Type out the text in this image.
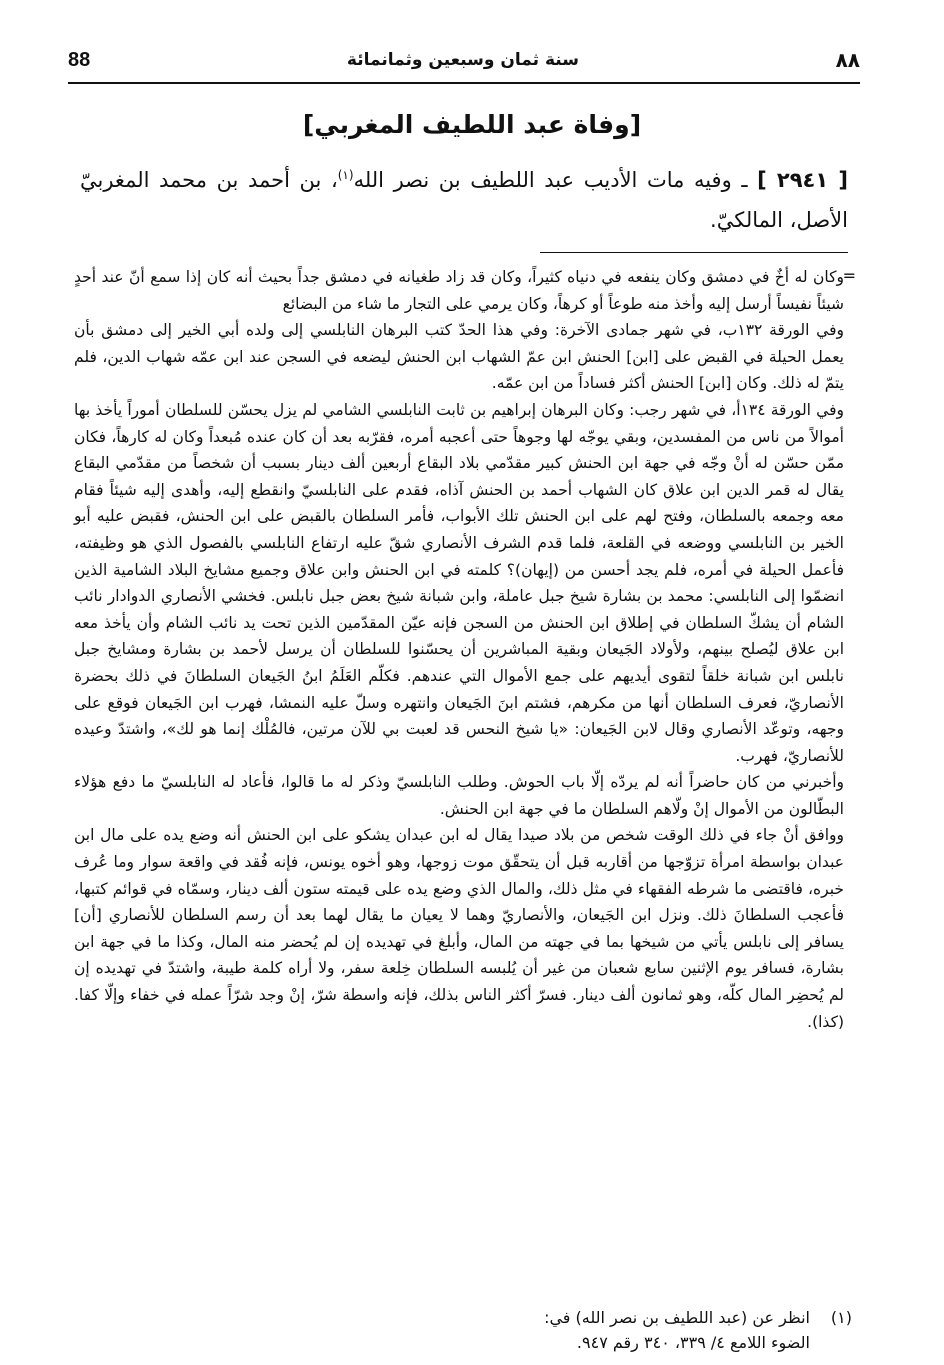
88	سنة ثمان وسبعين وثمانمائة	٨٨
[وفاة عبد اللطيف المغربي]
[ ٢٩٤١ ] ـ وفيه مات الأديب عبد اللطيف بن نصر الله$^{(١)}$، بن أحمد بن محمد المغربيّ الأصل، المالكيّ.
=

وكان له أخٌ في دمشق وكان ينفعه في دنياه كثيراً، وكان قد زاد طغيانه في دمشق جداً بحيث أنه كان إذا سمع أنّ عند أحدٍ شيئاً نفيساً أرسل إليه وأخذ منه طوعاً أو كرهاً، وكان يرمي على التجار ما شاء من البضائع

وفي الورقة ١٣٢ب، في شهر جمادى الآخرة: وفي هذا الحدّ كتب البرهان النابلسي إلى ولده أبي الخير إلى دمشق بأن يعمل الحيلة في القبض على [ابن] الحنش ابن عمّ الشهاب ابن الحنش ليضعه في السجن عند ابن عمّه شهاب الدين، فلم يتمّ له ذلك. وكان [ابن] الحنش أكثر فساداً من ابن عمّه.

وفي الورقة ١٣٤أ، في شهر رجب: وكان البرهان إبراهيم بن ثابت النابلسي الشامي لم يزل يحسّن للسلطان أموراً يأخذ بها أموالاً من ناس من المفسدين، وبقي يوجّه لها وجوهاً حتى أعجبه أمره، فقرّبه بعد أن كان عنده مُبعداً وكان له كارهاً، فكان ممّن حسّن له أنْ وجّه في جهة ابن الحنش كبير مقدّمي بلاد البقاع أربعين ألف دينار بسبب أن شخصاً من مقدّمي البقاع يقال له قمر الدين ابن علاق كان الشهاب أحمد بن الحنش آذاه، فقدم على النابلسيّ وانقطع إليه، وأهدى إليه شيئاً فقام معه وجمعه بالسلطان، وفتح لهم على ابن الحنش تلك الأبواب، فأمر السلطان بالقبض على ابن الحنش، فقبض عليه أبو الخير بن النابلسي ووضعه في القلعة، فلما قدم الشرف الأنصاري شقّ عليه ارتفاع النابلسي بالفصول الذي هو وظيفته، فأعمل الحيلة في أمره، فلم يجد أحسن من (إيهان)؟ كلمته في ابن الحنش وابن علاق وجميع مشايخ البلاد الشامية الذين انضمّوا إلى النابلسي: محمد بن بشارة شيخ جبل عاملة، وابن شبانة شيخ بعض جبل نابلس. فخشي الأنصاري الدوادار نائب الشام أن يشكّ السلطان في إطلاق ابن الحنش من السجن فإنه عيّن المقدّمين الذين تحت يد نائب الشام وأن يأخذ معه ابن علاق ليُصلح بينهم، ولأولاد الجَيعان وبقية المباشرين أن يحسّنوا للسلطان أن يرسل لأحمد بن بشارة ومشايخ جبل نابلس ابن شبانة خلقاً لتقوى أيديهم على جمع الأموال التي عندهم. فكلّم العَلَمُ ابنُ الجَيعان السلطانَ في ذلك بحضرة الأنصاريّ، فعرف السلطان أنها من مكرهم، فشتم ابنَ الجَيعان وانتهره وسلّ عليه النمشا، فهرب ابن الجَيعان فوقع على وجهه، وتوعّد الأنصاري وقال لابن الجَيعان: «يا شيخ النحس قد لعبت بي للآن مرتين، فالمُلْك إنما هو لك»، واشتدّ وعيده للأنصاريّ، فهرب.

وأخبرني من كان حاضراً أنه لم يردّه إلّا باب الحوش. وطلب النابلسيّ وذكر له ما قالوا، فأعاد له النابلسيّ ما دفع هؤلاء البطّالون من الأموال إنْ ولّاهم السلطان ما في جهة ابن الحنش.

ووافق أنْ جاء في ذلك الوقت شخص من بلاد صيدا يقال له ابن عبدان يشكو على ابن الحنش أنه وضع يده على مال ابن عبدان بواسطة امرأة تزوّجها من أقاربه قبل أن يتحقّق موت زوجها، وهو أخوه يونس، فإنه فُقد في واقعة سوار وما عُرف خبره، فاقتضى ما شرطه الفقهاء في مثل ذلك، والمال الذي وضع يده على قيمته ستون ألف دينار، وسمّاه في قوائم كتبها، فأعجب السلطانَ ذلك. ونزل ابن الجَيعان، والأنصاريّ وهما لا يعيان ما يقال لهما بعد أن رسم السلطان للأنصاري [أن] يسافر إلى نابلس يأتي من شيخها بما في جهته من المال، وأبلغ في تهديده إن لم يُحضر منه المال، وكذا ما في جهة ابن بشارة، فسافر يوم الإثنين سابع شعبان من غير أن يُلبسه السلطان خِلعة سفر، ولا أراه كلمة طيبة، واشتدّ في تهديده إن لم يُحضِر المال كلّه، وهو ثمانون ألف دينار. فسرّ أكثر الناس بذلك، فإنه واسطة شرّ، إنْ وجد شرّاً عمله في خفاء وإلّا كفا. (كذا).

(١)
انظر عن (عبد اللطيف بن نصر الله) في:
الضوء اللامع ٤/ ٣٣٩، ٣٤٠ رقم ٩٤٧.
